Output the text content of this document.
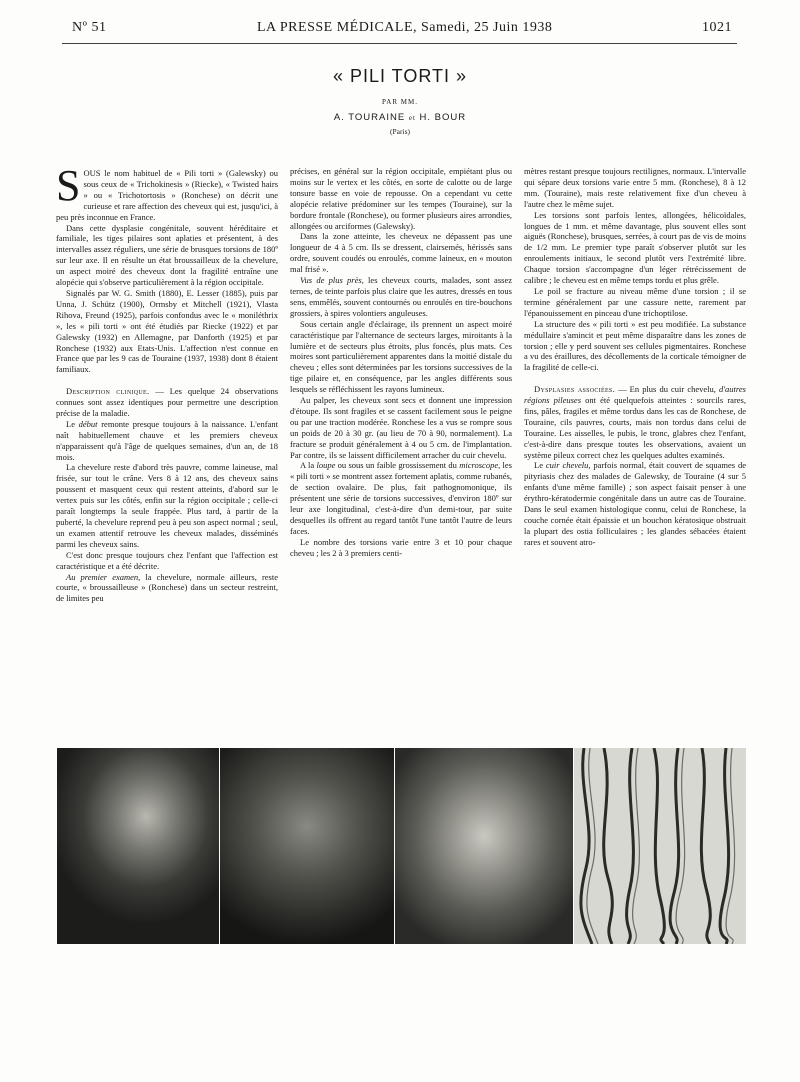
Nº 51	LA PRESSE MÉDICALE, Samedi, 25 Juin 1938	1021
« PILI TORTI »
PAR MM.
A. TOURAINE et H. BOUR
(Paris)

SOUS le nom habituel de « Pili torti » (Galewsky) ou sous ceux de « Trichokinesis » (Riecke), « Twisted hairs » ou « Trichotortosis » (Ronchese) on décrit une curieuse et rare affection des cheveux qui est, jusqu'ici, à peu près inconnue en France.

Dans cette dysplasie congénitale, souvent héréditaire et familiale, les tiges pilaires sont aplaties et présentent, à des intervalles assez réguliers, une série de brusques torsions de 180º sur leur axe. Il en résulte un état broussailleux de la chevelure, un aspect moiré des cheveux dont la fragilité entraîne une alopécie qui s'observe particulièrement à la région occipitale.

Signalés par W. G. Smith (1880), E. Lesser (1885), puis par Unna, J. Schütz (1900), Ormsby et Mitchell (1921), Vlasta Rihova, Freund (1925), parfois confondus avec le « moniléthrix », les « pili torti » ont été étudiés par Riecke (1922) et par Galewsky (1932) en Allemagne, par Danforth (1925) et par Ronchese (1932) aux Etats-Unis. L'affection n'est connue en France que par les 9 cas de Touraine (1937, 1938) dont 8 étaient familiaux.

Description clinique. — Les quelque 24 observations connues sont assez identiques pour permettre une description précise de la maladie.

Le début remonte presque toujours à la naissance. L'enfant naît habituellement chauve et les premiers cheveux n'apparaissent qu'à l'âge de quelques semaines, d'un an, de 18 mois.

La chevelure reste d'abord très pauvre, comme laineuse, mal frisée, sur tout le crâne. Vers 8 à 12 ans, des cheveux sains poussent et masquent ceux qui restent atteints, d'abord sur le vertex puis sur les côtés, enfin sur la région occipitale ; celle-ci paraît longtemps la seule frappée. Plus tard, à partir de la puberté, la chevelure reprend peu à peu son aspect normal ; seul, un examen attentif retrouve les cheveux malades, disséminés parmi les cheveux sains.

C'est donc presque toujours chez l'enfant que l'affection est caractéristique et a été décrite.

Au premier examen, la chevelure, normale ailleurs, reste courte, « broussailleuse » (Ronchese) dans un secteur restreint, de limites peu

précises, en général sur la région occipitale, empiétant plus ou moins sur le vertex et les côtés, en sorte de calotte ou de large tonsure basse en voie de repousse. On a cependant vu cette alopécie relative prédominer sur les tempes (Touraine), sur la bordure frontale (Ronchese), ou former plusieurs aires arrondies, allongées ou arciformes (Galewsky).

Dans la zone atteinte, les cheveux ne dépassent pas une longueur de 4 à 5 cm. Ils se dressent, clairsemés, hérissés sans ordre, souvent coudés ou enroulés, comme laineux, en « mouton mal frisé ».

Vus de plus près, les cheveux courts, malades, sont assez ternes, de teinte parfois plus claire que les autres, dressés en tous sens, emmêlés, souvent contournés ou enroulés en tire-bouchons grossiers, à spires volontiers anguleuses.

Sous certain angle d'éclairage, ils prennent un aspect moiré caractéristique par l'alternance de secteurs larges, miroitants à la lumière et de secteurs plus étroits, plus foncés, plus mats. Ces moires sont particulièrement apparentes dans la moitié distale du cheveu ; elles sont déterminées par les torsions successives de la tige pilaire et, en conséquence, par les angles différents sous lesquels se réfléchissent les rayons lumineux.

Au palper, les cheveux sont secs et donnent une impression d'étoupe. Ils sont fragiles et se cassent facilement sous le peigne ou par une traction modérée. Ronchese les a vus se rompre sous un poids de 20 à 30 gr. (au lieu de 70 à 90, normalement). La fracture se produit généralement à 4 ou 5 cm. de l'implantation. Par contre, ils se laissent difficilement arracher du cuir chevelu.

A la loupe ou sous un faible grossissement du microscope, les « pili torti » se montrent assez fortement aplatis, comme rubanés, de section ovalaire. De plus, fait pathognomonique, ils présentent une série de torsions successives, d'environ 180º sur leur axe longitudinal, c'est-à-dire d'un demi-tour, par suite desquelles ils offrent au regard tantôt l'une tantôt l'autre de leurs faces.

Le nombre des torsions varie entre 3 et 10 pour chaque cheveu ; les 2 à 3 premiers centi-

mètres restant presque toujours rectilignes, normaux. L'intervalle qui sépare deux torsions varie entre 5 mm. (Ronchese), 8 à 12 mm. (Touraine), mais reste relativement fixe d'un cheveu à l'autre chez le même sujet.

Les torsions sont parfois lentes, allongées, hélicoïdales, longues de 1 mm. et même davantage, plus souvent elles sont aiguës (Ronchese), brusques, serrées, à court pas de vis de moins de 1/2 mm. Le premier type paraît s'observer plutôt sur les enroulements initiaux, le second plutôt vers l'extrémité libre. Chaque torsion s'accompagne d'un léger rétrécissement de calibre ; le cheveu est en même temps tordu et plus grêle.

Le poil se fracture au niveau même d'une torsion ; il se termine généralement par une cassure nette, rarement par l'épanouissement en pinceau d'une trichoptilose.

La structure des « pili torti » est peu modifiée. La substance médullaire s'amincit et peut même disparaître dans les zones de torsion ; elle y perd souvent ses cellules pigmentaires. Ronchese a vu des éraillures, des décollements de la corticale témoigner de la fragilité de celle-ci.

Dysplasies associées. — En plus du cuir chevelu, d'autres régions pileuses ont été quelquefois atteintes : sourcils rares, fins, pâles, fragiles et même tordus dans les cas de Ronchese, de Touraine, cils pauvres, courts, mais non tordus dans celui de Touraine. Les aisselles, le pubis, le tronc, glabres chez l'enfant, c'est-à-dire dans presque toutes les observations, avaient un système pileux correct chez les quelques adultes examinés.

Le cuir chevelu, parfois normal, était couvert de squames de pityriasis chez des malades de Galewsky, de Touraine (4 sur 5 enfants d'une même famille) ; son aspect faisait penser à une érythro-kératodermie congénitale dans un autre cas de Touraine. Dans le seul examen histologique connu, celui de Ronchese, la couche cornée était épaissie et un bouchon kératosique obstruait la plupart des ostia folliculaires ; les glandes sébacées étaient rares et souvent atro-
